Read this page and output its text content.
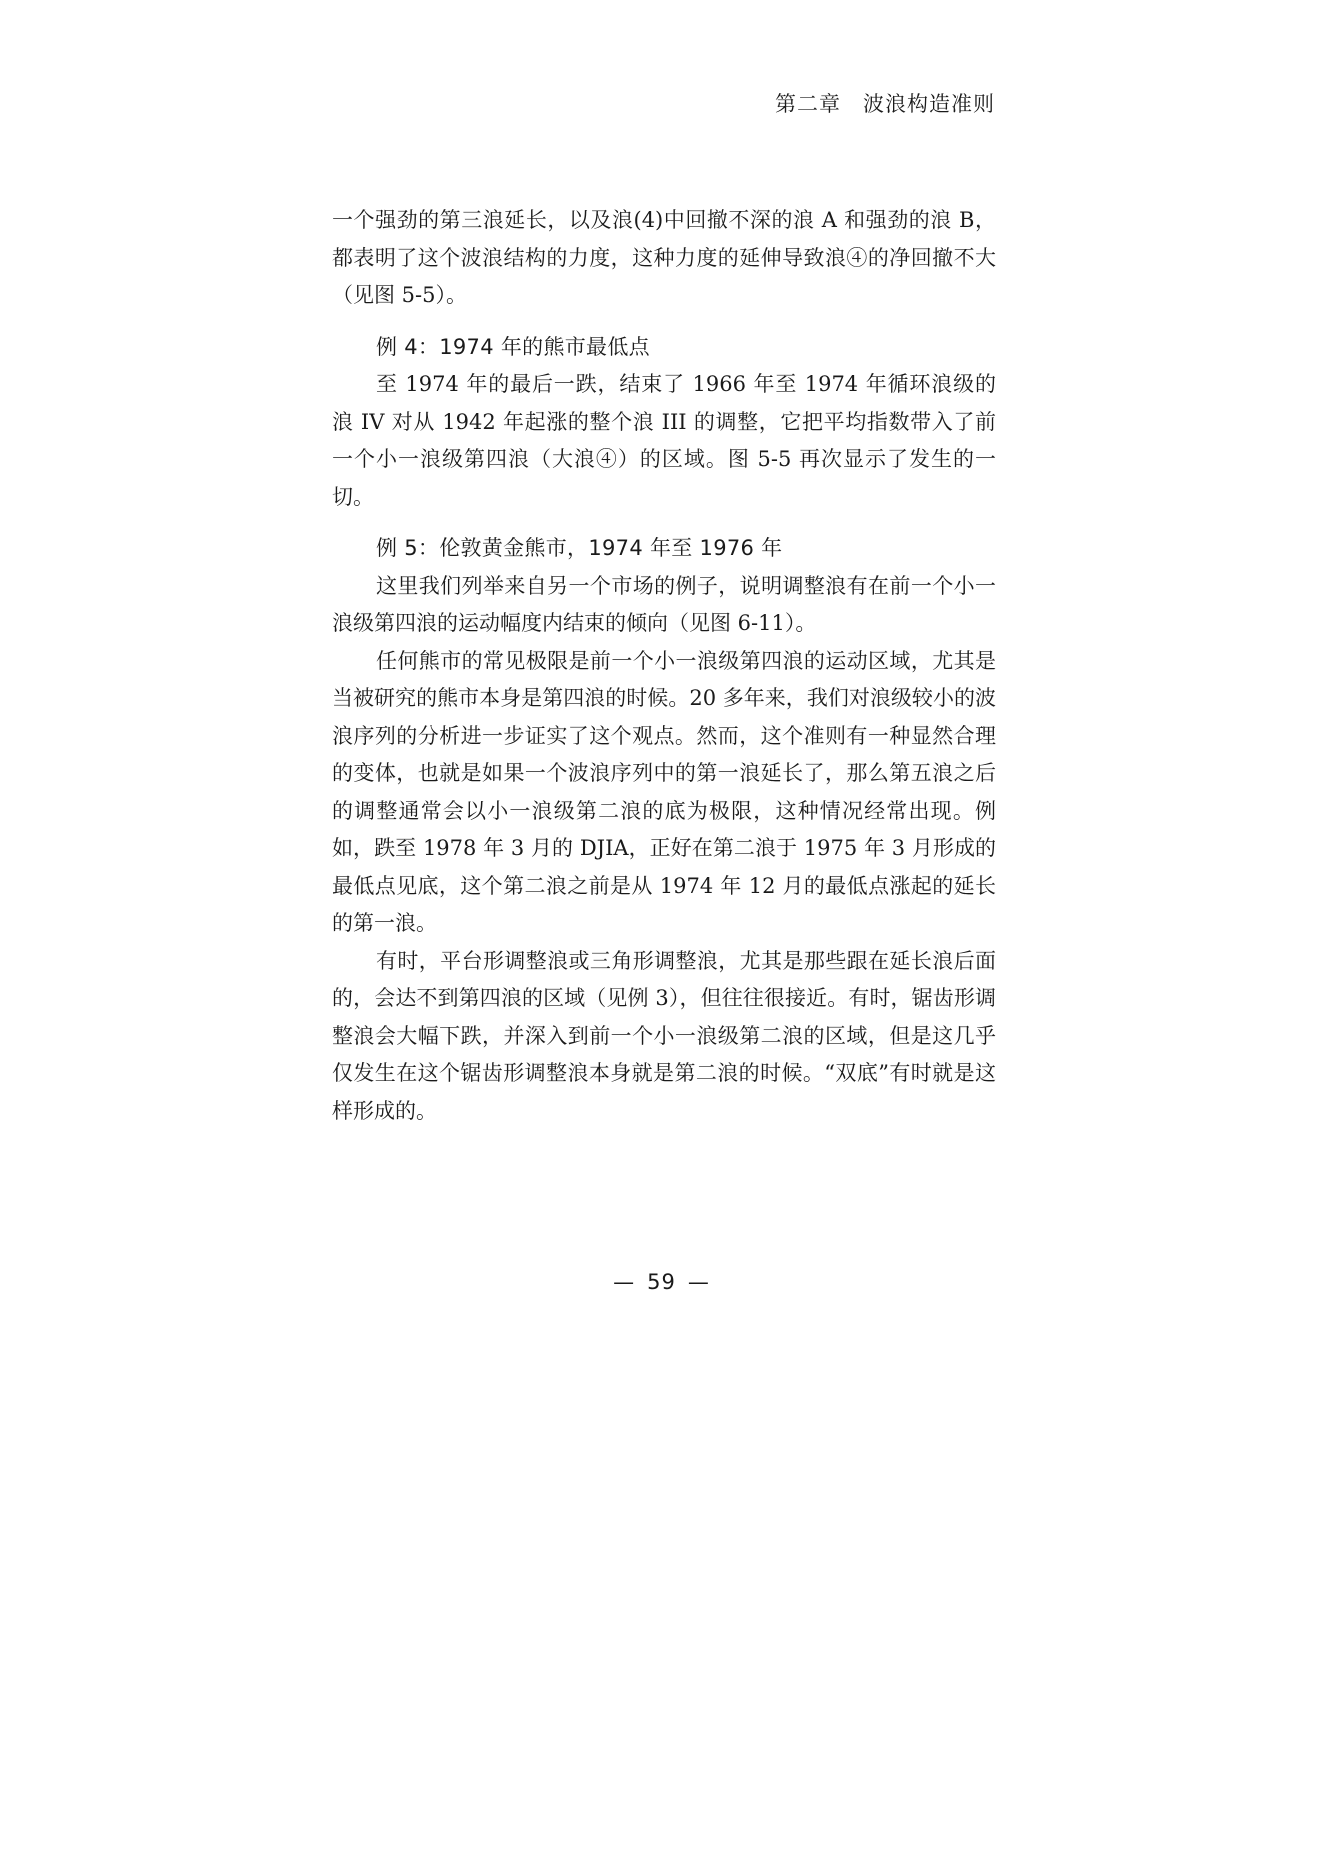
第二章 波浪构造准则

一个强劲的第三浪延长，以及浪(4)中回撤不深的浪 A 和强劲的浪 B，都表明了这个波浪结构的力度，这种力度的延伸导致浪④的净回撤不大（见图 5-5）。

例 4：1974 年的熊市最低点

至 1974 年的最后一跌，结束了 1966 年至 1974 年循环浪级的浪 IV 对从 1942 年起涨的整个浪 III 的调整，它把平均指数带入了前一个小一浪级第四浪（大浪④）的区域。图 5-5 再次显示了发生的一切。

例 5：伦敦黄金熊市，1974 年至 1976 年

这里我们列举来自另一个市场的例子，说明调整浪有在前一个小一浪级第四浪的运动幅度内结束的倾向（见图 6-11）。

任何熊市的常见极限是前一个小一浪级第四浪的运动区域，尤其是当被研究的熊市本身是第四浪的时候。20 多年来，我们对浪级较小的波浪序列的分析进一步证实了这个观点。然而，这个准则有一种显然合理的变体，也就是如果一个波浪序列中的第一浪延长了，那么第五浪之后的调整通常会以小一浪级第二浪的底为极限，这种情况经常出现。例如，跌至 1978 年 3 月的 DJIA，正好在第二浪于 1975 年 3 月形成的最低点见底，这个第二浪之前是从 1974 年 12 月的最低点涨起的延长的第一浪。

有时，平台形调整浪或三角形调整浪，尤其是那些跟在延长浪后面的，会达不到第四浪的区域（见例 3），但往往很接近。有时，锯齿形调整浪会大幅下跌，并深入到前一个小一浪级第二浪的区域，但是这几乎仅发生在这个锯齿形调整浪本身就是第二浪的时候。“双底”有时就是这样形成的。

— 59 —
